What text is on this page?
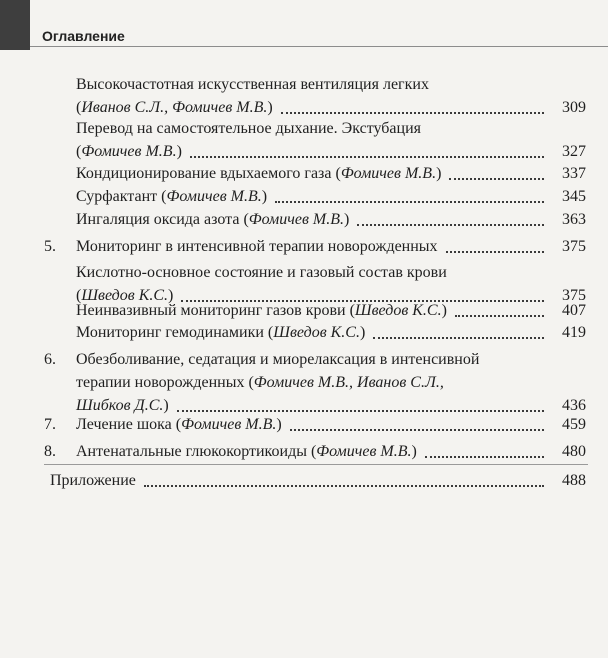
Оглавление
Высокочастотная искусственная вентиляция легких
(Иванов С.Л., Фомичев М.В.)	309
Перевод на самостоятельное дыхание. Экстубация
(Фомичев М.В.)	327
Кондиционирование вдыхаемого газа (Фомичев М.В.)	337
Сурфактант (Фомичев М.В.)	345
Ингаляция оксида азота (Фомичев М.В.)	363
5. Мониторинг в интенсивной терапии новорожденных	375
Кислотно-основное состояние и газовый состав крови
(Шведов К.С.)	375
Неинвазивный мониторинг газов крови (Шведов К.С.)	407
Мониторинг гемодинамики (Шведов К.С.)	419
6. Обезболивание, седатация и миорелаксация в интенсивной
терапии новорожденных (Фомичев М.В., Иванов С.Л.,
Шибков Д.С.)	436
7. Лечение шока (Фомичев М.В.)	459
8. Антенатальные глюкокортикоиды (Фомичев М.В.)	480
Приложение	488
